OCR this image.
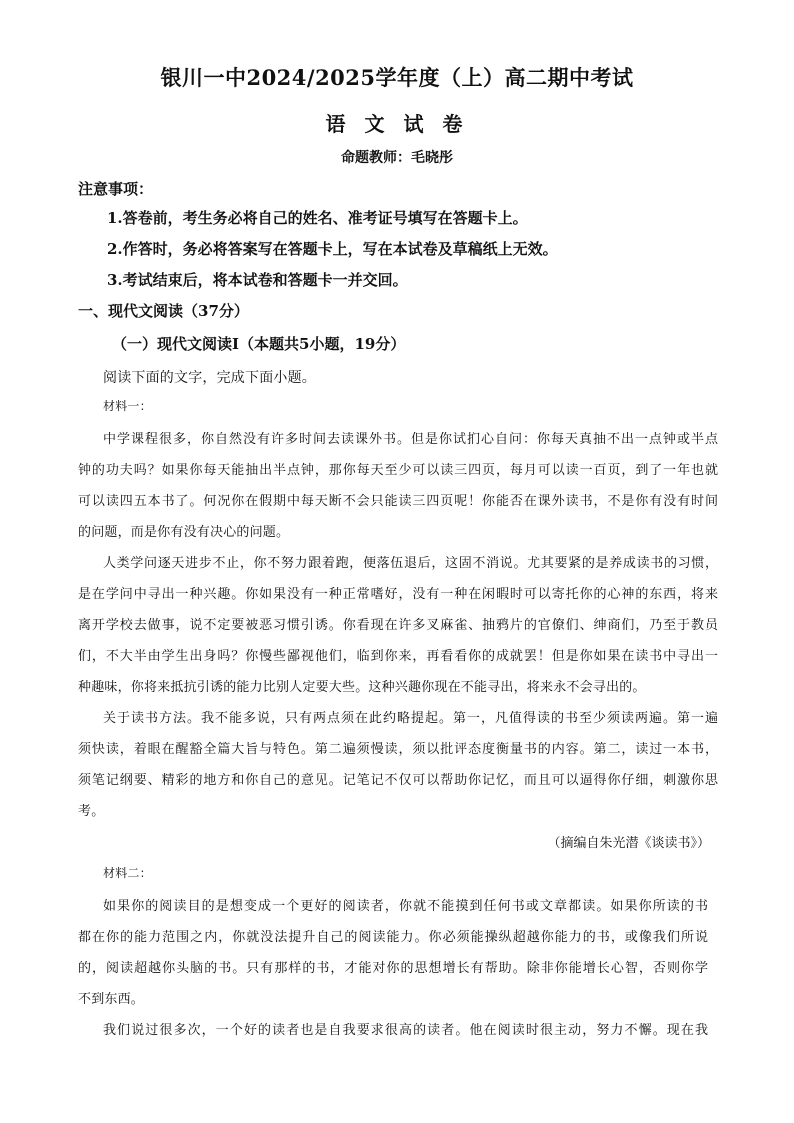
银川一中2024/2025学年度（上）高二期中考试
语 文 试 卷
命题教师：毛晓彤
注意事项：
1.答卷前，考生务必将自己的姓名、准考证号填写在答题卡上。
2.作答时，务必将答案写在答题卡上，写在本试卷及草稿纸上无效。
3.考试结束后，将本试卷和答题卡一并交回。
一、现代文阅读（37分）
（一）现代文阅读Ⅰ（本题共5小题，19分）
阅读下面的文字，完成下面小题。
材料一：
中学课程很多，你自然没有许多时间去读课外书。但是你试扪心自问：你每天真抽不出一点钟或半点
钟的功夫吗？如果你每天能抽出半点钟，那你每天至少可以读三四页，每月可以读一百页，到了一年也就
可以读四五本书了。何况你在假期中每天断不会只能读三四页呢！你能否在课外读书，不是你有没有时间
的问题，而是你有没有决心的问题。
人类学问逐天进步不止，你不努力跟着跑，便落伍退后，这固不消说。尤其要紧的是养成读书的习惯，
是在学问中寻出一种兴趣。你如果没有一种正常嗜好，没有一种在闲暇时可以寄托你的心神的东西，将来
离开学校去做事，说不定要被恶习惯引诱。你看现在许多叉麻雀、抽鸦片的官僚们、绅商们，乃至于教员
们，不大半由学生出身吗？你慢些鄙视他们，临到你来，再看看你的成就罢！但是你如果在读书中寻出一
种趣味，你将来抵抗引诱的能力比别人定要大些。这种兴趣你现在不能寻出，将来永不会寻出的。
关于读书方法。我不能多说，只有两点须在此约略提起。第一，凡值得读的书至少须读两遍。第一遍
须快读，着眼在醒豁全篇大旨与特色。第二遍须慢读，须以批评态度衡量书的内容。第二，读过一本书，
须笔记纲要、精彩的地方和你自己的意见。记笔记不仅可以帮助你记忆，而且可以逼得你仔细，刺激你思
考。
（摘编自朱光潜《谈读书》）
材料二：
如果你的阅读目的是想变成一个更好的阅读者，你就不能摸到任何书或文章都读。如果你所读的书
都在你的能力范围之内，你就没法提升自己的阅读能力。你必须能操纵超越你能力的书，或像我们所说
的，阅读超越你头脑的书。只有那样的书，才能对你的思想增长有帮助。除非你能增长心智，否则你学
不到东西。
我们说过很多次，一个好的读者也是自我要求很高的读者。他在阅读时很主动，努力不懈。现在我
